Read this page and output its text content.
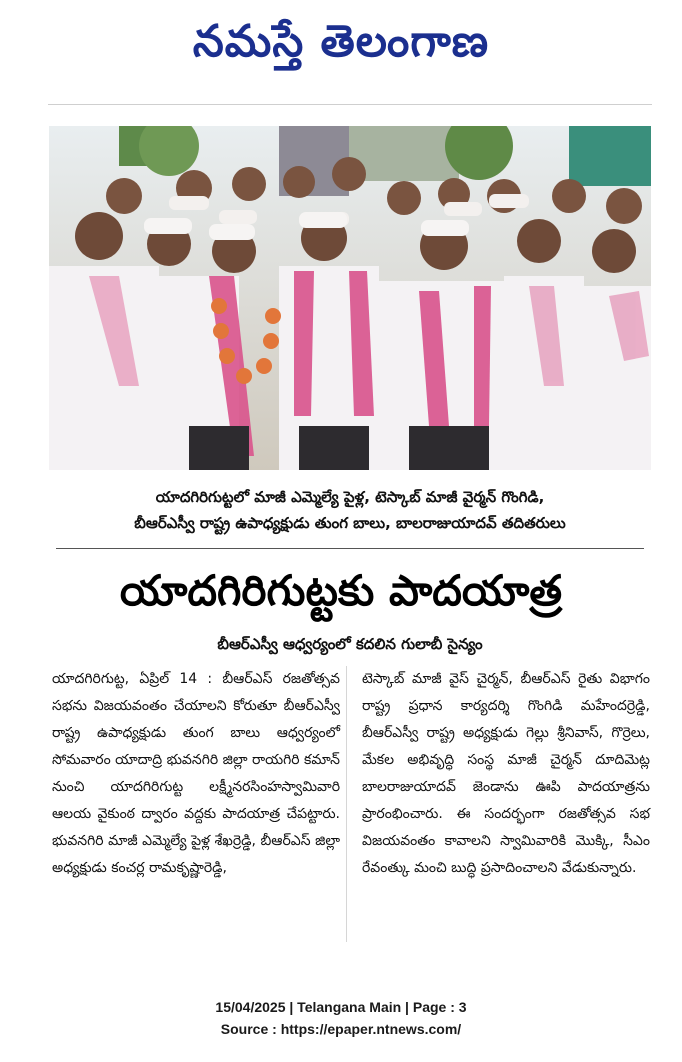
నమస్తే తెలంగాణ
యాదగిరిగుట్టలో మాజీ ఎమ్మెల్యే పైళ్ల, టెస్కాబ్ మాజీ వైర్మన్ గొంగిడి,
బీఆర్ఎస్వీ రాష్ట్ర ఉపాధ్యక్షుడు తుంగ బాలు, బాలరాజుయాదవ్ తదితరులు
యాదగిరిగుట్టకు పాదయాత్ర
బీఆర్ఎస్వీ ఆధ్వర్యంలో కదలిన గులాబీ సైన్యం

యాదగిరిగుట్ట, ఏప్రిల్ 14 : బీఆర్ఎస్ రజతోత్సవ సభను విజయవంతం చేయాలని కోరుతూ బీఆర్ఎస్వీ రాష్ట్ర ఉపాధ్యక్షుడు తుంగ బాలు ఆధ్వర్యంలో సోమవారం యాదాద్రి భువనగిరి జిల్లా రాయగిరి కమాన్ నుంచి యాదగిరిగుట్ట లక్ష్మీనరసింహస్వామివారి ఆలయ వైకుంఠ ద్వారం వద్దకు పాదయాత్ర చేపట్టారు. భువనగిరి మాజీ ఎమ్మెల్యే పైళ్ల శేఖర్రెడ్డి, బీఆర్ఎస్ జిల్లా అధ్యక్షుడు కంచర్ల రామకృష్ణారెడ్డి,

టెస్కాబ్ మాజీ వైస్ చైర్మన్, బీఆర్ఎస్ రైతు విభాగం రాష్ట్ర ప్రధాన కార్యదర్శి గొంగిడి మహేందర్రెడ్డి, బీఆర్ఎస్వీ రాష్ట్ర అధ్యక్షుడు గెల్లు శ్రీనివాస్, గొర్రెలు, మేకల అభివృద్ధి సంస్థ మాజీ చైర్మన్ దూదిమెట్ల బాలరాజుయాదవ్ జెండాను ఊపి పాదయాత్రను ప్రారంభించారు. ఈ సందర్భంగా రజతోత్సవ సభ విజయవంతం కావాలని స్వామివారికి మొక్కి, సీఎం రేవంత్కు మంచి బుద్ధి ప్రసాదించాలని వేడుకున్నారు.

15/04/2025 | Telangana Main | Page : 3
Source : https://epaper.ntnews.com/
